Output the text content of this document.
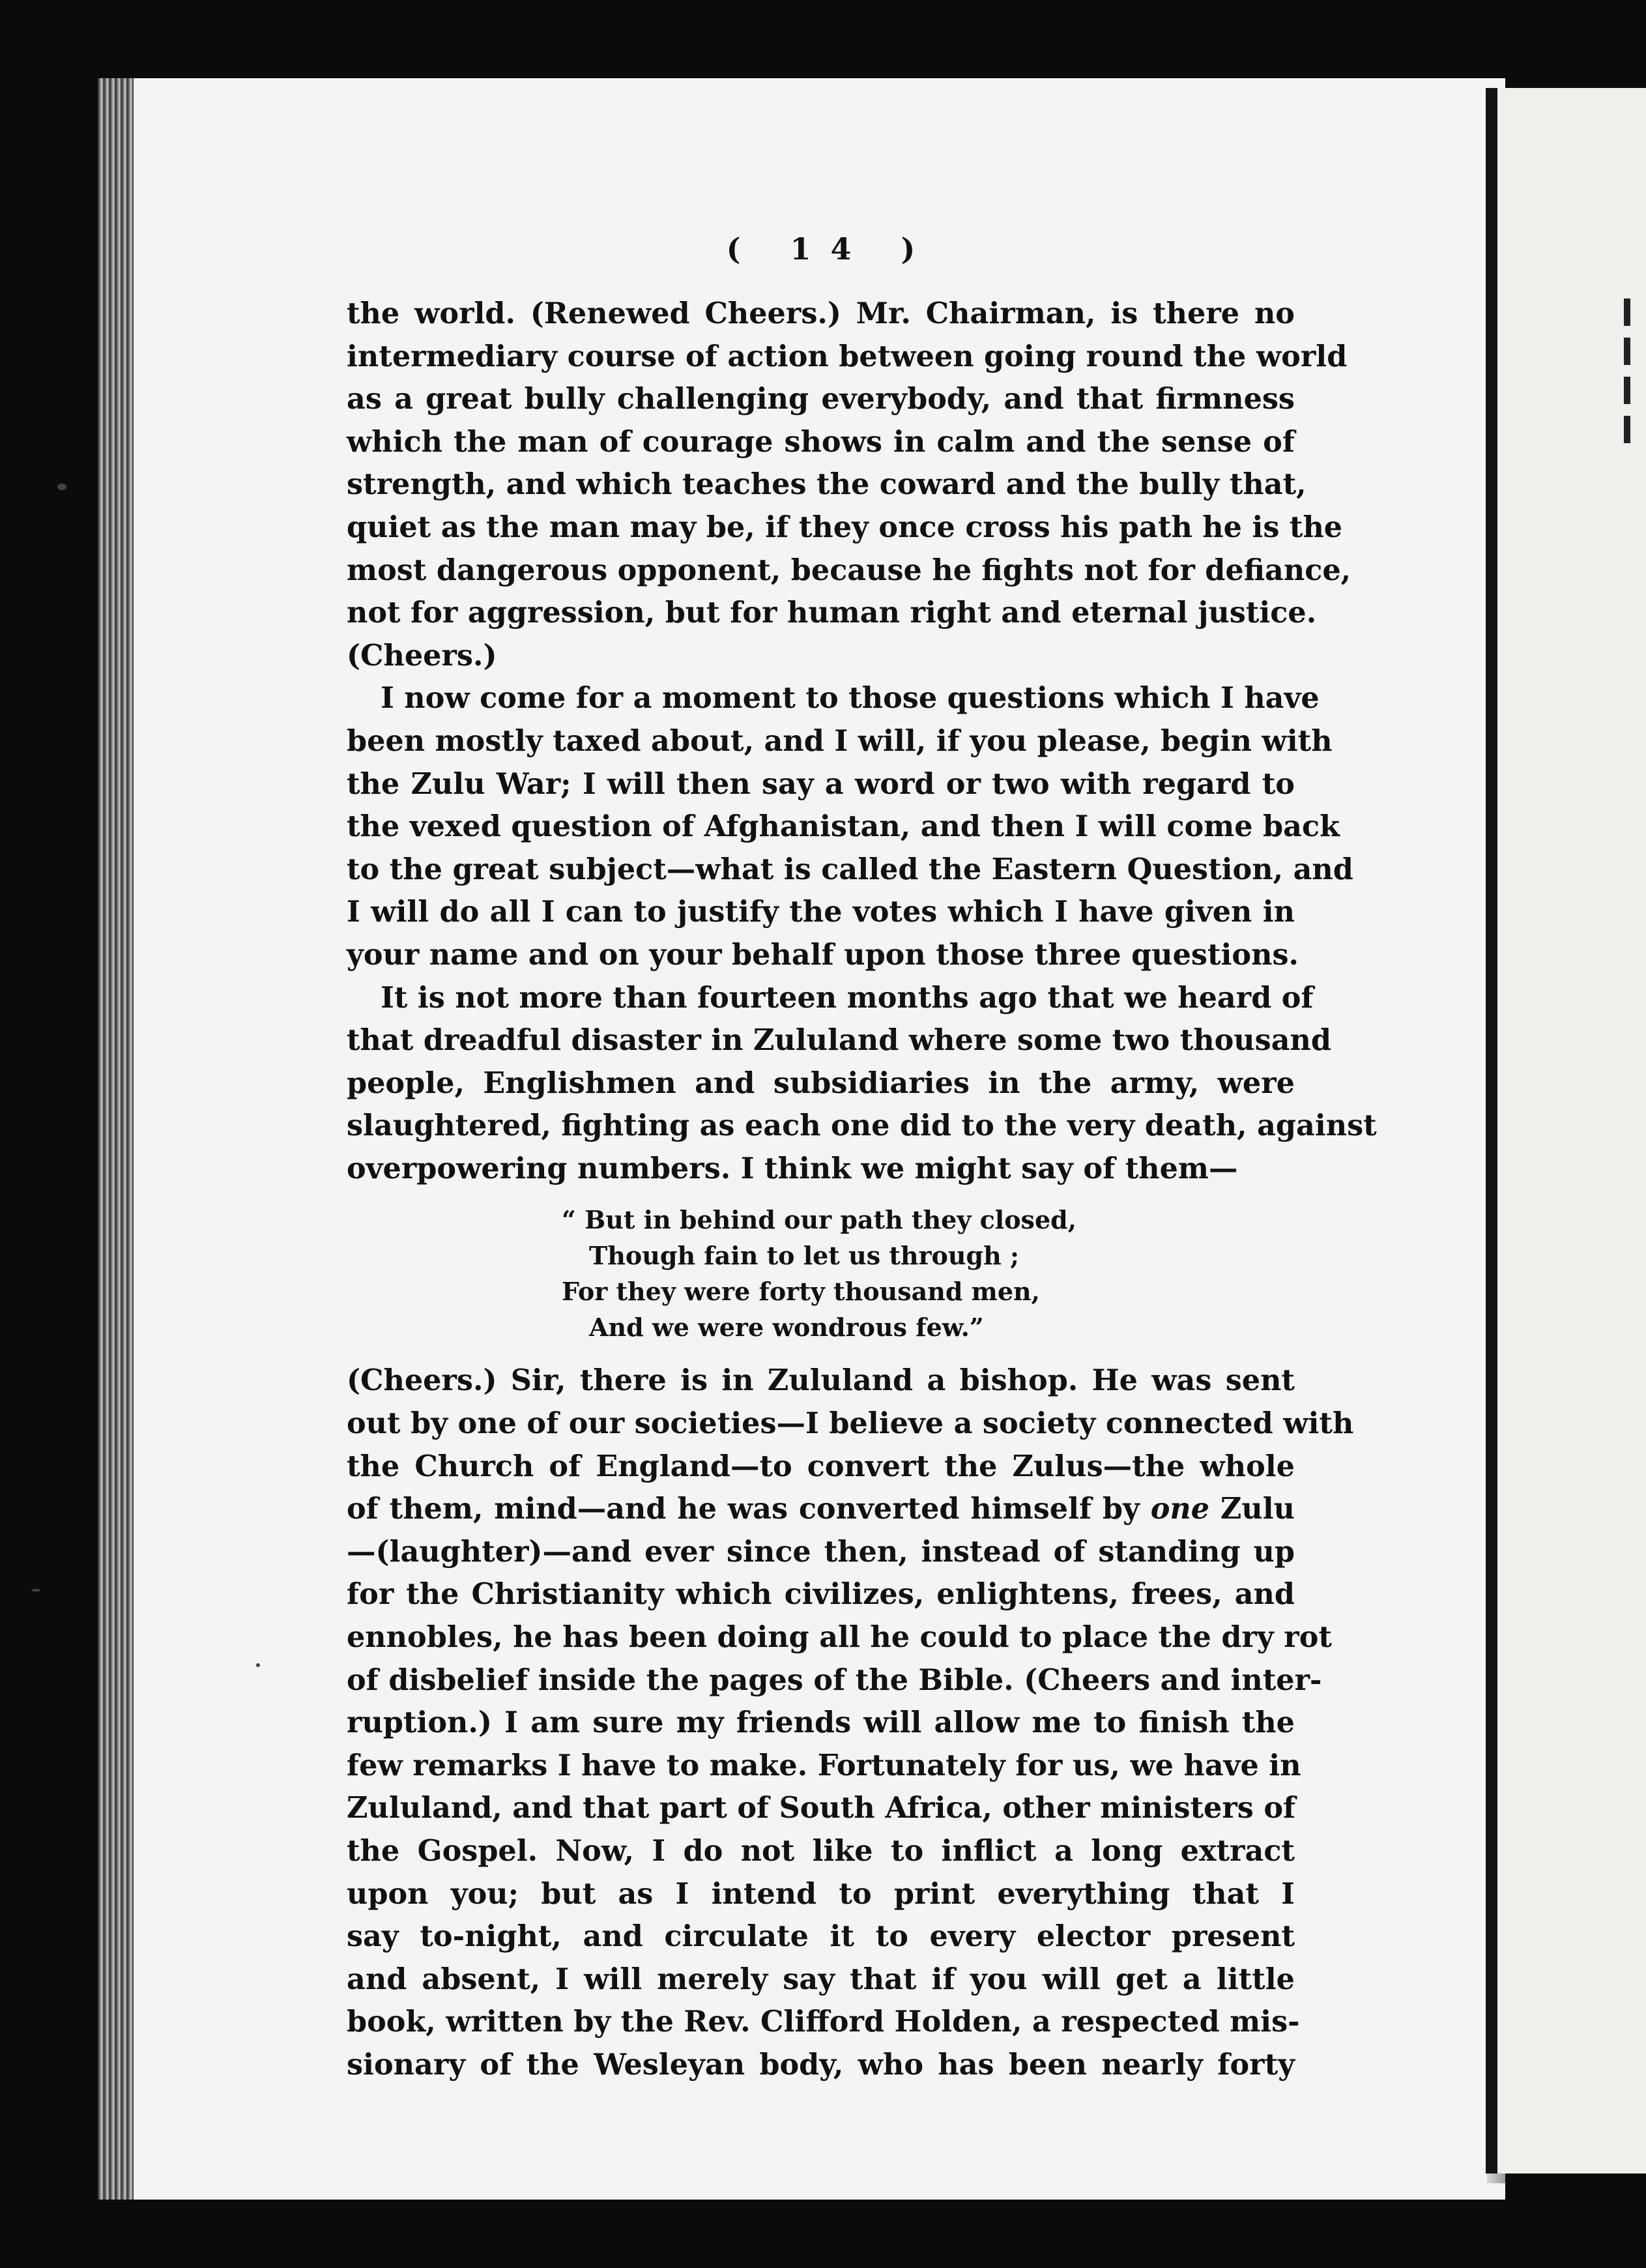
( 14 )
the world. (Renewed Cheers.) Mr. Chairman, is there no
intermediary course of action between going round the world
as a great bully challenging everybody, and that firmness
which the man of courage shows in calm and the sense of
strength, and which teaches the coward and the bully that,
quiet as the man may be, if they once cross his path he is the
most dangerous opponent, because he fights not for defiance,
not for aggression, but for human right and eternal justice.
(Cheers.)
I now come for a moment to those questions which I have
been mostly taxed about, and I will, if you please, begin with
the Zulu War; I will then say a word or two with regard to
the vexed question of Afghanistan, and then I will come back
to the great subject—what is called the Eastern Question, and
I will do all I can to justify the votes which I have given in
your name and on your behalf upon those three questions.
It is not more than fourteen months ago that we heard of
that dreadful disaster in Zululand where some two thousand
people, Englishmen and subsidiaries in the army, were
slaughtered, fighting as each one did to the very death, against
overpowering numbers. I think we might say of them—
“ But in behind our path they closed,
Though fain to let us through ;
For they were forty thousand men,
And we were wondrous few.”
(Cheers.) Sir, there is in Zululand a bishop. He was sent
out by one of our societies—I believe a society connected with
the Church of England—to convert the Zulus—the whole
of them, mind—and he was converted himself by one Zulu
—(laughter)—and ever since then, instead of standing up
for the Christianity which civilizes, enlightens, frees, and
ennobles, he has been doing all he could to place the dry rot
of disbelief inside the pages of the Bible. (Cheers and inter-
ruption.) I am sure my friends will allow me to finish the
few remarks I have to make. Fortunately for us, we have in
Zululand, and that part of South Africa, other ministers of
the Gospel. Now, I do not like to inflict a long extract
upon you; but as I intend to print everything that I
say to-night, and circulate it to every elector present
and absent, I will merely say that if you will get a little
book, written by the Rev. Clifford Holden, a respected mis-
sionary of the Wesleyan body, who has been nearly forty
